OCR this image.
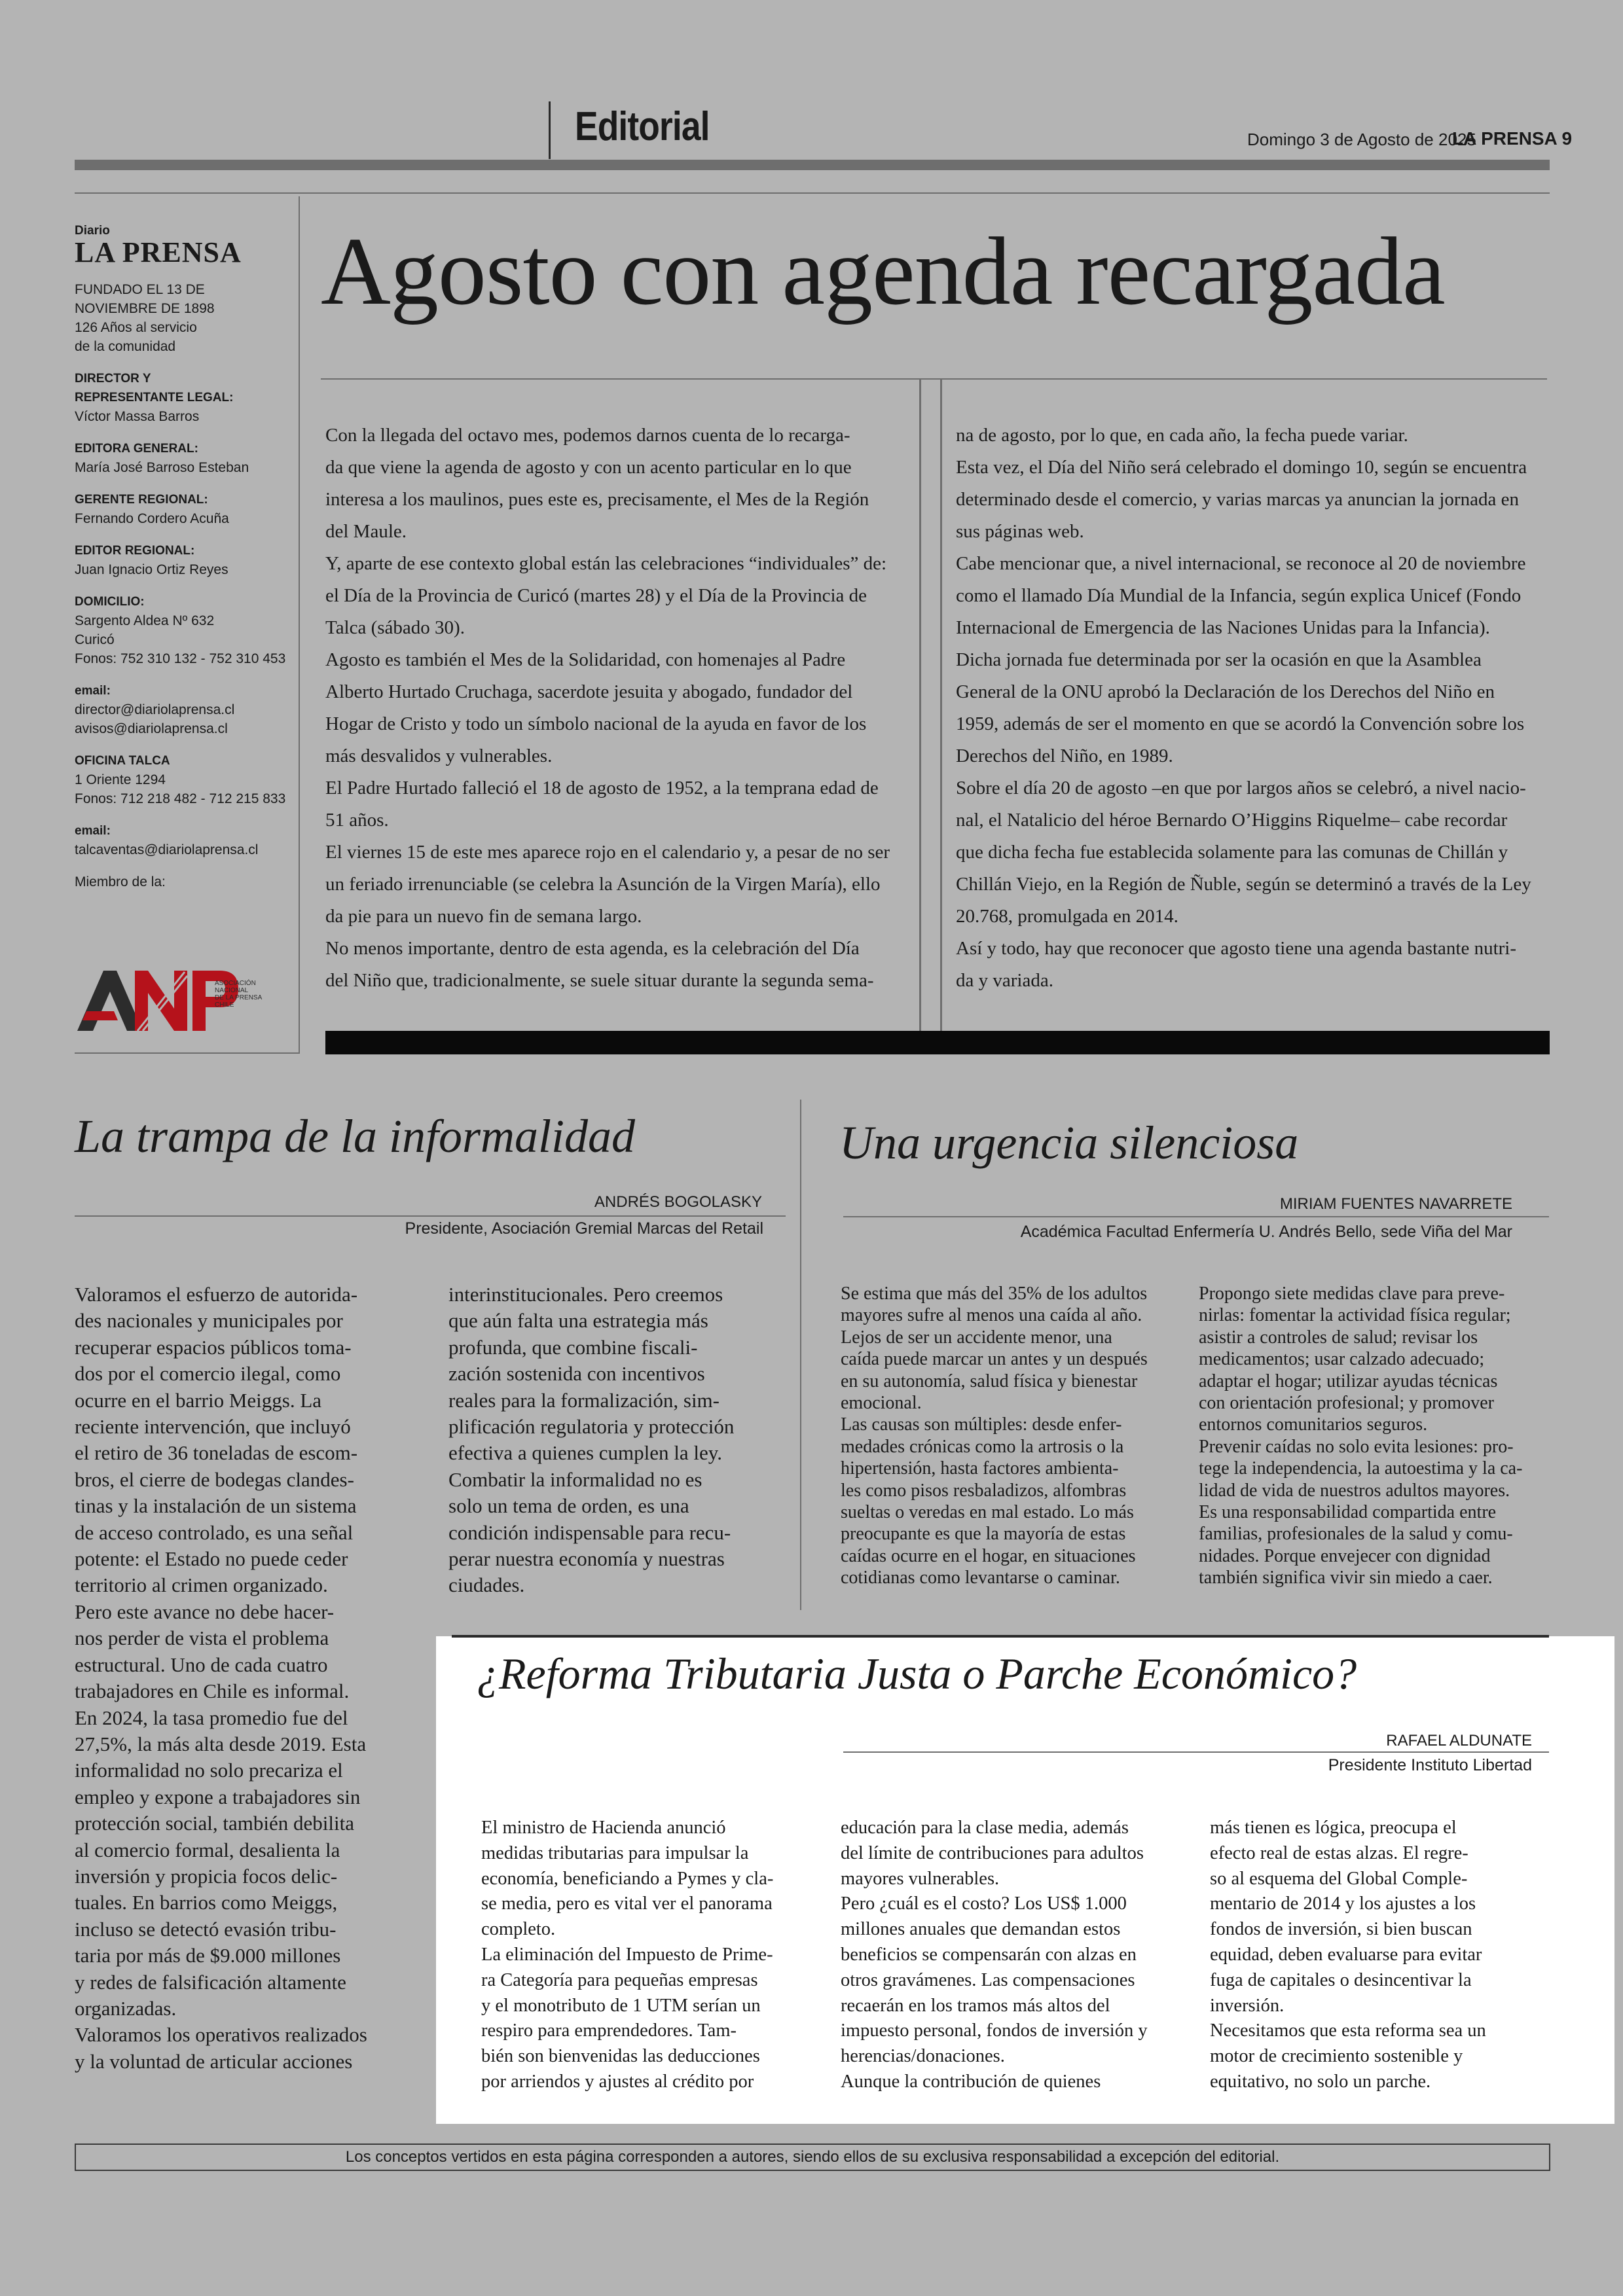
Editorial	Domingo 3 de Agosto de 2025
LA PRENSA 9
Diario
LA PRENSA
FUNDADO EL 13 DE
NOVIEMBRE DE 1898
126 Años al servicio
de la comunidad
DIRECTOR Y
REPRESENTANTE LEGAL:
Víctor Massa Barros
EDITORA GENERAL:
María José Barroso Esteban
GERENTE REGIONAL:
Fernando Cordero Acuña
EDITOR REGIONAL:
Juan Ignacio Ortiz Reyes
DOMICILIO:
Sargento Aldea Nº 632
Curicó
Fonos: 752 310 132 - 752 310 453
email:
director@diariolaprensa.cl
avisos@diariolaprensa.cl
OFICINA TALCA
1 Oriente 1294
Fonos: 712 218 482 - 712 215 833
email:
talcaventas@diariolaprensa.cl
Miembro de la:
ASOCIACIÓN
NACIONAL
DE LA PRENSA
CHILE
Agosto con agenda recargada
Con la llegada del octavo mes, podemos darnos cuenta de lo recarga-
da que viene la agenda de agosto y con un acento particular en lo que
interesa a los maulinos, pues este es, precisamente, el Mes de la Región
del Maule.
Y, aparte de ese contexto global están las celebraciones “individuales” de:
el Día de la Provincia de Curicó (martes 28) y el Día de la Provincia de
Talca (sábado 30).
Agosto es también el Mes de la Solidaridad, con homenajes al Padre
Alberto Hurtado Cruchaga, sacerdote jesuita y abogado, fundador del
Hogar de Cristo y todo un símbolo nacional de la ayuda en favor de los
más desvalidos y vulnerables.
El Padre Hurtado falleció el 18 de agosto de 1952, a la temprana edad de
51 años.
El viernes 15 de este mes aparece rojo en el calendario y, a pesar de no ser
un feriado irrenunciable (se celebra la Asunción de la Virgen María), ello
da pie para un nuevo fin de semana largo.
No menos importante, dentro de esta agenda, es la celebración del Día
del Niño que, tradicionalmente, se suele situar durante la segunda sema-
na de agosto, por lo que, en cada año, la fecha puede variar.
Esta vez, el Día del Niño será celebrado el domingo 10, según se encuentra
determinado desde el comercio, y varias marcas ya anuncian la jornada en
sus páginas web.
Cabe mencionar que, a nivel internacional, se reconoce al 20 de noviembre
como el llamado Día Mundial de la Infancia, según explica Unicef (Fondo
Internacional de Emergencia de las Naciones Unidas para la Infancia).
Dicha jornada fue determinada por ser la ocasión en que la Asamblea
General de la ONU aprobó la Declaración de los Derechos del Niño en
1959, además de ser el momento en que se acordó la Convención sobre los
Derechos del Niño, en 1989.
Sobre el día 20 de agosto –en que por largos años se celebró, a nivel nacio-
nal, el Natalicio del héroe Bernardo O’Higgins Riquelme– cabe recordar
que dicha fecha fue establecida solamente para las comunas de Chillán y
Chillán Viejo, en la Región de Ñuble, según se determinó a través de la Ley
20.768, promulgada en 2014.
Así y todo, hay que reconocer que agosto tiene una agenda bastante nutri-
da y variada.
La trampa de la informalidad
ANDRÉS BOGOLASKY
Presidente, Asociación Gremial Marcas del Retail
Valoramos el esfuerzo de autorida-
des nacionales y municipales por
recuperar espacios públicos toma-
dos por el comercio ilegal, como
ocurre en el barrio Meiggs. La
reciente intervención, que incluyó
el retiro de 36 toneladas de escom-
bros, el cierre de bodegas clandes-
tinas y la instalación de un sistema
de acceso controlado, es una señal
potente: el Estado no puede ceder
territorio al crimen organizado.
Pero este avance no debe hacer-
nos perder de vista el problema
estructural. Uno de cada cuatro
trabajadores en Chile es informal.
En 2024, la tasa promedio fue del
27,5%, la más alta desde 2019. Esta
informalidad no solo precariza el
empleo y expone a trabajadores sin
protección social, también debilita
al comercio formal, desalienta la
inversión y propicia focos delic-
tuales. En barrios como Meiggs,
incluso se detectó evasión tribu-
taria por más de $9.000 millones
y redes de falsificación altamente
organizadas.
Valoramos los operativos realizados
y la voluntad de articular acciones
interinstitucionales. Pero creemos
que aún falta una estrategia más
profunda, que combine fiscali-
zación sostenida con incentivos
reales para la formalización, sim-
plificación regulatoria y protección
efectiva a quienes cumplen la ley.
Combatir la informalidad no es
solo un tema de orden, es una
condición indispensable para recu-
perar nuestra economía y nuestras
ciudades.
Una urgencia silenciosa
MIRIAM FUENTES NAVARRETE
Académica Facultad Enfermería U. Andrés Bello, sede Viña del Mar
Se estima que más del 35% de los adultos
mayores sufre al menos una caída al año.
Lejos de ser un accidente menor, una
caída puede marcar un antes y un después
en su autonomía, salud física y bienestar
emocional.
Las causas son múltiples: desde enfer-
medades crónicas como la artrosis o la
hipertensión, hasta factores ambienta-
les como pisos resbaladizos, alfombras
sueltas o veredas en mal estado. Lo más
preocupante es que la mayoría de estas
caídas ocurre en el hogar, en situaciones
cotidianas como levantarse o caminar.
Propongo siete medidas clave para preve-
nirlas: fomentar la actividad física regular;
asistir a controles de salud; revisar los
medicamentos; usar calzado adecuado;
adaptar el hogar; utilizar ayudas técnicas
con orientación profesional; y promover
entornos comunitarios seguros.
Prevenir caídas no solo evita lesiones: pro-
tege la independencia, la autoestima y la ca-
lidad de vida de nuestros adultos mayores.
Es una responsabilidad compartida entre
familias, profesionales de la salud y comu-
nidades. Porque envejecer con dignidad
también significa vivir sin miedo a caer.
¿Reforma Tributaria Justa o Parche Económico?
RAFAEL ALDUNATE
Presidente Instituto Libertad
El ministro de Hacienda anunció
medidas tributarias para impulsar la
economía, beneficiando a Pymes y cla-
se media, pero es vital ver el panorama
completo.
La eliminación del Impuesto de Prime-
ra Categoría para pequeñas empresas
y el monotributo de 1 UTM serían un
respiro para emprendedores. Tam-
bién son bienvenidas las deducciones
por arriendos y ajustes al crédito por
educación para la clase media, además
del límite de contribuciones para adultos
mayores vulnerables.
Pero ¿cuál es el costo? Los US$ 1.000
millones anuales que demandan estos
beneficios se compensarán con alzas en
otros gravámenes. Las compensaciones
recaerán en los tramos más altos del
impuesto personal, fondos de inversión y
herencias/donaciones.
Aunque la contribución de quienes
más tienen es lógica, preocupa el
efecto real de estas alzas. El regre-
so al esquema del Global Comple-
mentario de 2014 y los ajustes a los
fondos de inversión, si bien buscan
equidad, deben evaluarse para evitar
fuga de capitales o desincentivar la
inversión.
Necesitamos que esta reforma sea un
motor de crecimiento sostenible y
equitativo, no solo un parche.
Los conceptos vertidos en esta página corresponden a autores, siendo ellos de su exclusiva responsabilidad a excepción del editorial.
